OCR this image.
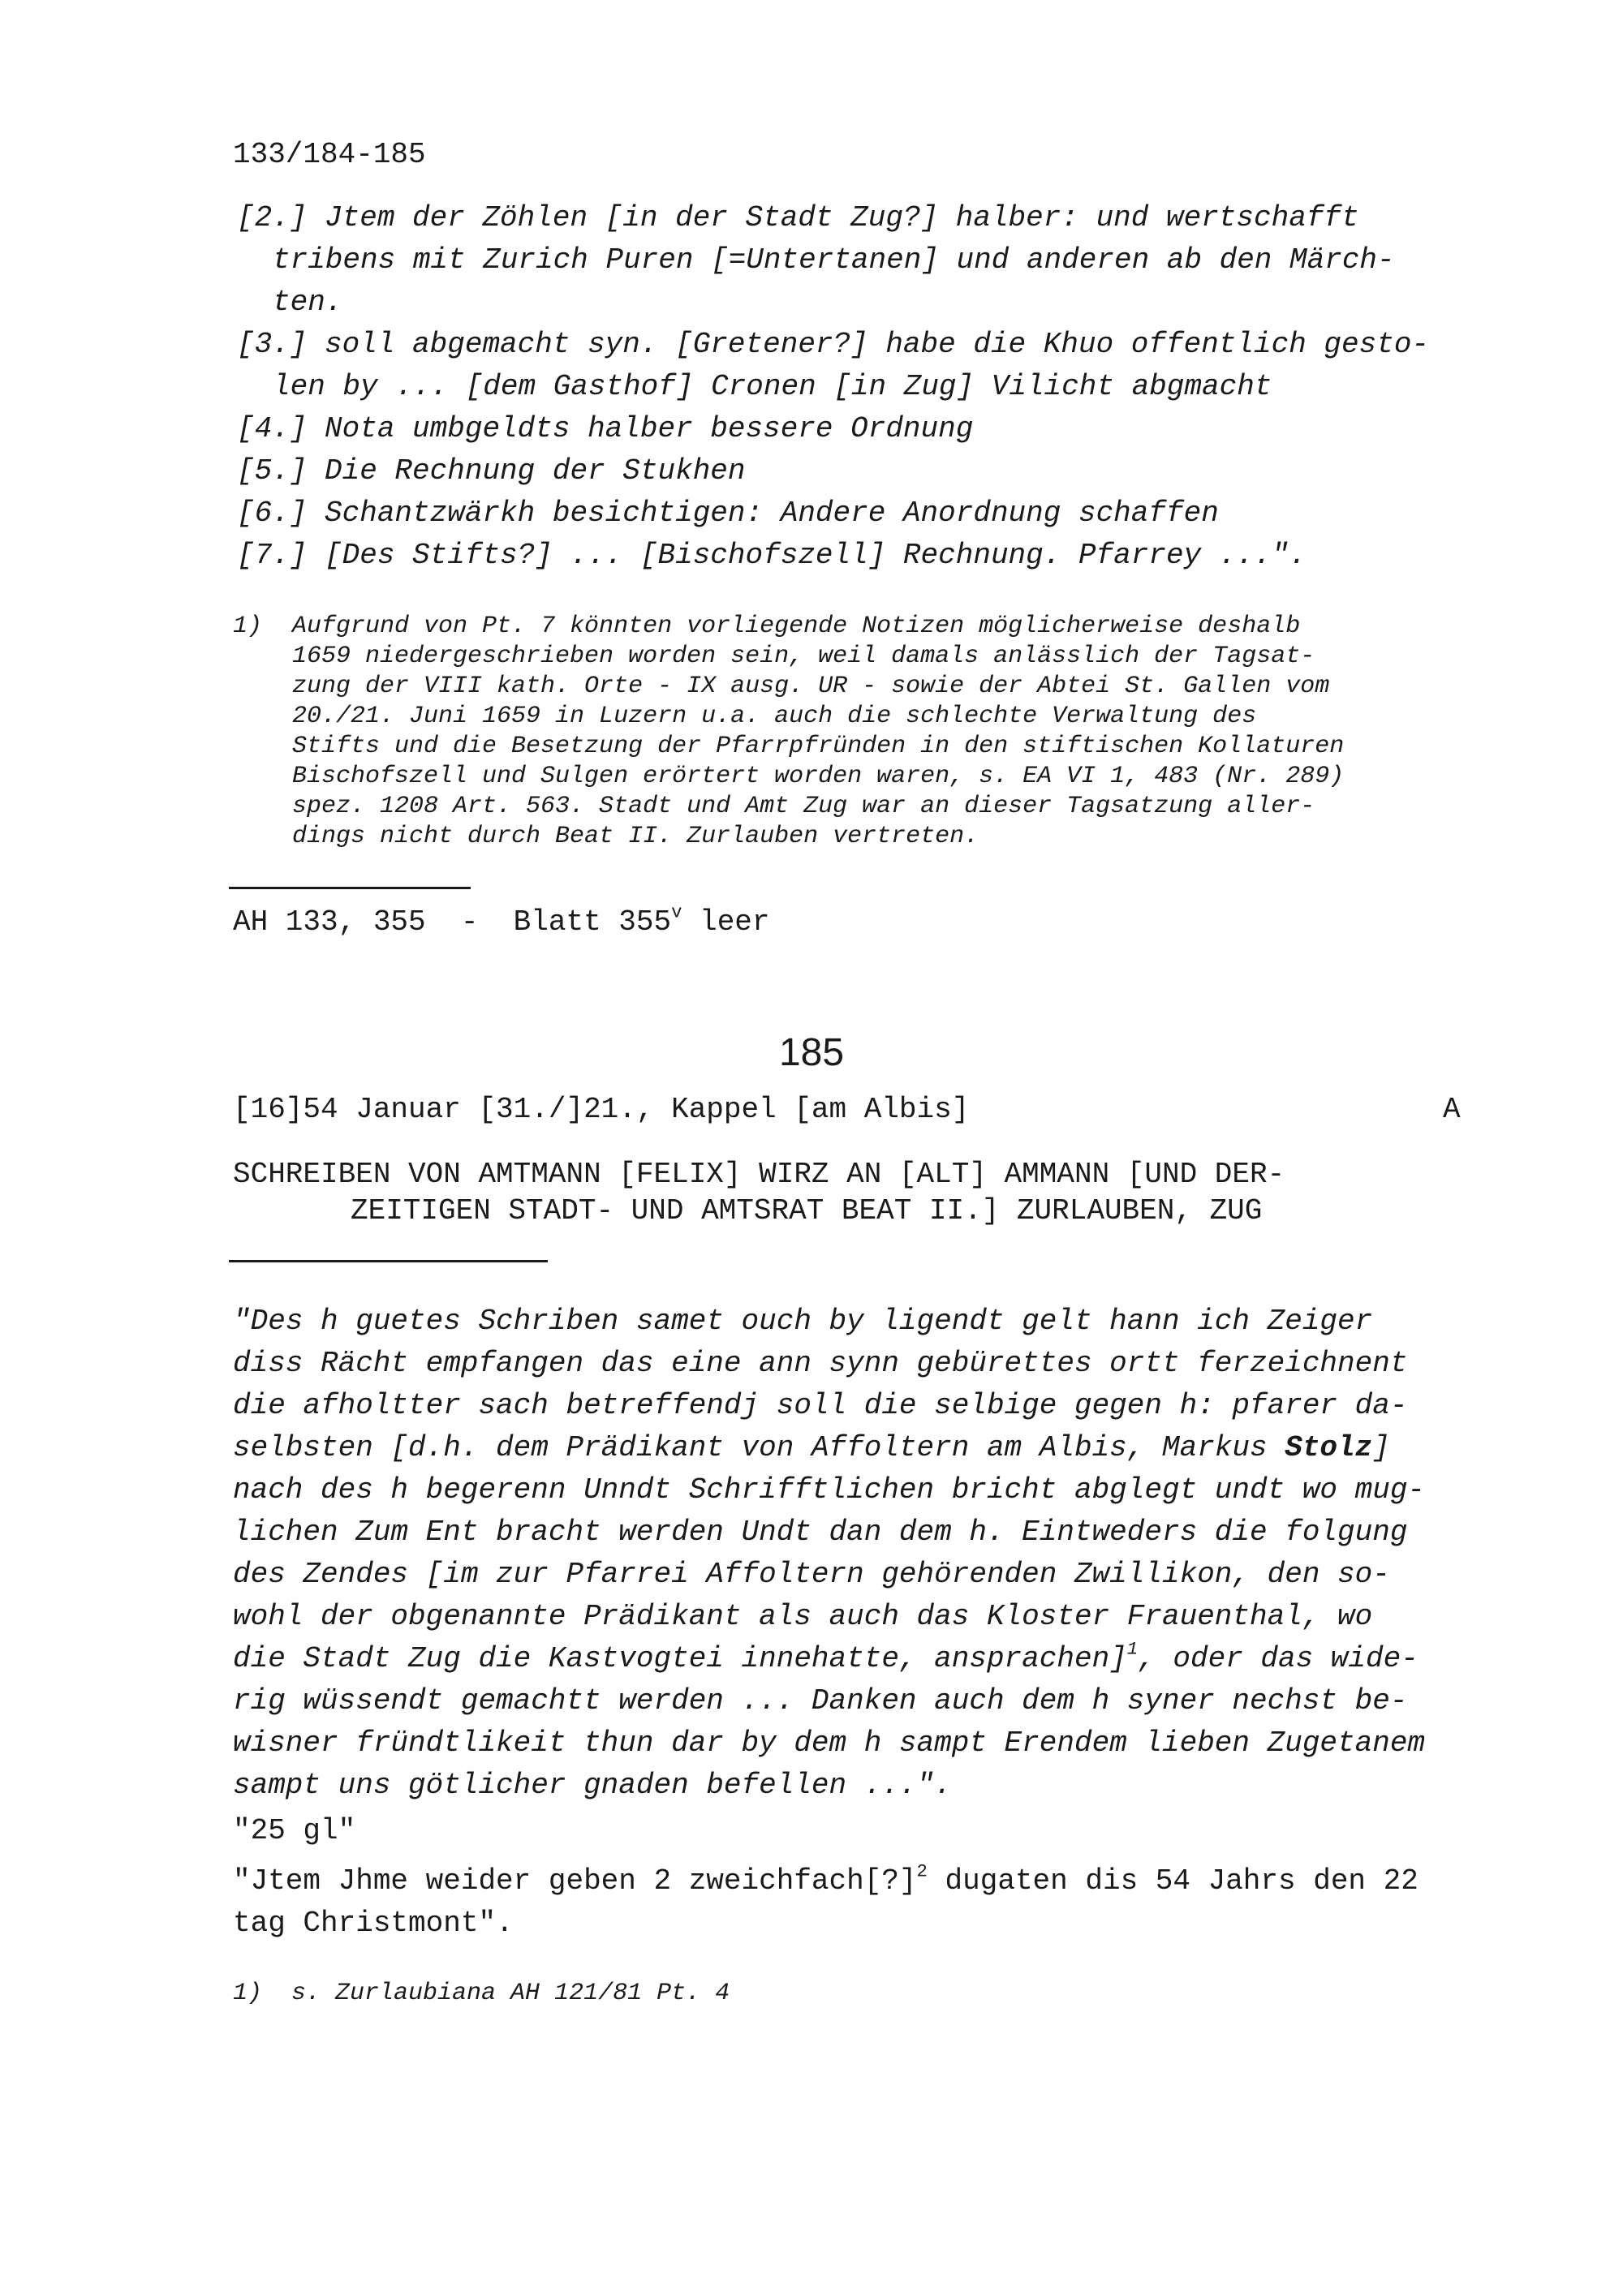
133/184-185
[2.] Jtem der Zöhlen [in der Stadt Zug?] halber: und wertschafft
tribens mit Zurich Puren [=Untertanen] und anderen ab den Märch-
ten.
[3.] soll abgemacht syn. [Gretener?] habe die Khuo offentlich gesto-
len by ... [dem Gasthof] Cronen [in Zug] Vilicht abgmacht
[4.] Nota umbgeldts halber bessere Ordnung
[5.] Die Rechnung der Stukhen
[6.] Schantzwärkh besichtigen: Andere Anordnung schaffen
[7.] [Des Stifts?] ... [Bischofszell] Rechnung. Pfarrey ...".
1) Aufgrund von Pt. 7 könnten vorliegende Notizen möglicherweise deshalb
1659 niedergeschrieben worden sein, weil damals anlässlich der Tagsat-
zung der VIII kath. Orte - IX ausg. UR - sowie der Abtei St. Gallen vom
20./21. Juni 1659 in Luzern u.a. auch die schlechte Verwaltung des
Stifts und die Besetzung der Pfarrpfründen in den stiftischen Kollaturen
Bischofszell und Sulgen erörtert worden waren, s. EA VI 1, 483 (Nr. 289)
spez. 1208 Art. 563. Stadt und Amt Zug war an dieser Tagsatzung aller-
dings nicht durch Beat II. Zurlauben vertreten.
AH 133, 355  -  Blatt 355$^v$ leer
185
[16]54 Januar [31./]21., Kappel [am Albis]	A
SCHREIBEN VON AMTMANN [FELIX] WIRZ AN [ALT] AMMANN [UND DER-
ZEITIGEN STADT- UND AMTSRAT BEAT II.] ZURLAUBEN, ZUG
"Des h guetes Schriben samet ouch by ligendt gelt hann ich Zeiger
diss Rächt empfangen das eine ann synn gebürettes ortt ferzeichnent
die afholtter sach betreffendj soll die selbige gegen h: pfarer da-
selbsten [d.h. dem Prädikant von Affoltern am Albis, Markus Stolz]
nach des h begerenn Unndt Schrifftlichen bricht abglegt undt wo mug-
lichen Zum Ent bracht werden Undt dan dem h. Eintweders die folgung
des Zendes [im zur Pfarrei Affoltern gehörenden Zwillikon, den so-
wohl der obgenannte Prädikant als auch das Kloster Frauenthal, wo
die Stadt Zug die Kastvogtei innehatte, ansprachen]$^1$, oder das wide-
rig wüssendt gemachtt werden ... Danken auch dem h syner nechst be-
wisner fründtlikeit thun dar by dem h sampt Erendem lieben Zugetanem
sampt uns götlicher gnaden befellen ...".
"25 gl"
"Jtem Jhme weider geben 2 zweichfach[?]$^2$ dugaten dis 54 Jahrs den 22
tag Christmont".
1)  s. Zurlaubiana AH 121/81 Pt. 4
